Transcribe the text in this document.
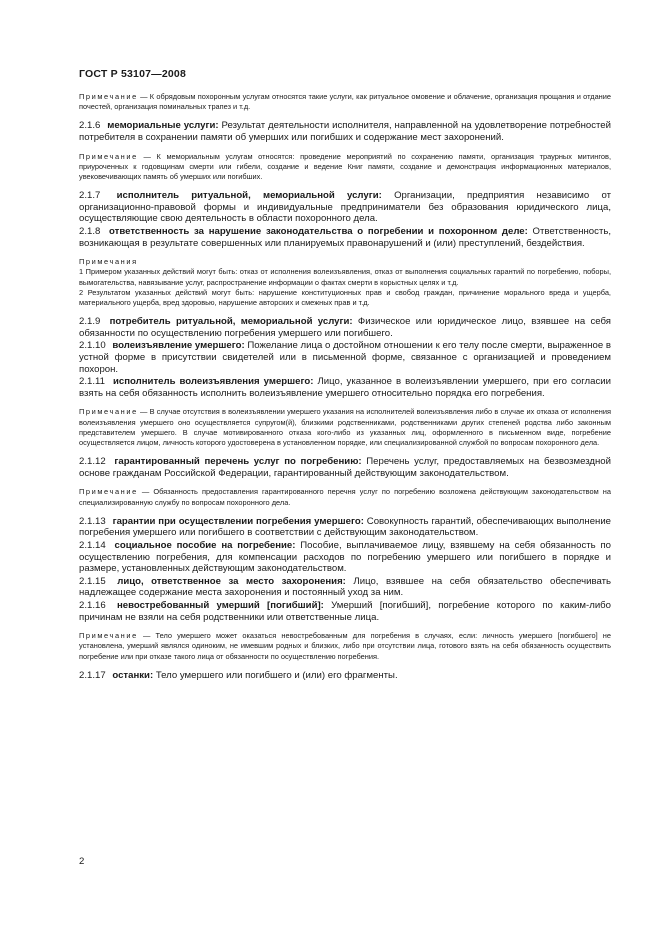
ГОСТ Р 53107—2008

Примечание — К обрядовым похоронным услугам относятся такие услуги, как ритуальное омовение и облачение, организация прощания и отдание почестей, организация поминальных трапез и т.д.

2.1.6 мемориальные услуги: Результат деятельности исполнителя, направленной на удовлетворение потребностей потребителя в сохранении памяти об умерших или погибших и содержание мест захоронений.

Примечание — К мемориальным услугам относятся: проведение мероприятий по сохранению памяти, организация траурных митингов, приуроченных к годовщинам смерти или гибели, создание и ведение Книг памяти, создание и демонстрация информационных материалов, увековечивающих память об умерших или погибших.

2.1.7 исполнитель ритуальной, мемориальной услуги: Организации, предприятия независимо от организационно-правовой формы и индивидуальные предприниматели без образования юридического лица, осуществляющие свою деятельность в области похоронного дела.

2.1.8 ответственность за нарушение законодательства о погребении и похоронном деле: Ответственность, возникающая в результате совершенных или планируемых правонарушений и (или) преступлений, бездействия.

Примечания

1 Примером указанных действий могут быть: отказ от исполнения волеизъявления, отказ от выполнения социальных гарантий по погребению, поборы, вымогательства, навязывание услуг, распространение информации о фактах смерти в корыстных целях и т.д.

2 Результатом указанных действий могут быть: нарушение конституционных прав и свобод граждан, причинение морального вреда и ущерба, материального ущерба, вред здоровью, нарушение авторских и смежных прав и т.д.

2.1.9 потребитель ритуальной, мемориальной услуги: Физическое или юридическое лицо, взявшее на себя обязанности по осуществлению погребения умершего или погибшего.

2.1.10 волеизъявление умершего: Пожелание лица о достойном отношении к его телу после смерти, выраженное в устной форме в присутствии свидетелей или в письменной форме, связанное с организацией и проведением похорон.

2.1.11 исполнитель волеизъявления умершего: Лицо, указанное в волеизъявлении умершего, при его согласии взять на себя обязанность исполнить волеизъявление умершего относительно порядка его погребения.

Примечание — В случае отсутствия в волеизъявлении умершего указания на исполнителей волеизъявления либо в случае их отказа от исполнения волеизъявления умершего оно осуществляется супругом(й), близкими родственниками, родственниками других степеней родства либо законным представителем умершего. В случае мотивированного отказа кого-либо из указанных лиц, оформленного в письменном виде, погребение осуществляется лицом, личность которого удостоверена в установленном порядке, или специализированной службой по вопросам похоронного дела.

2.1.12 гарантированный перечень услуг по погребению: Перечень услуг, предоставляемых на безвозмездной основе гражданам Российской Федерации, гарантированный действующим законодательством.

Примечание — Обязанность предоставления гарантированного перечня услуг по погребению возложена действующим законодательством на специализированную службу по вопросам похоронного дела.

2.1.13 гарантии при осуществлении погребения умершего: Совокупность гарантий, обеспечивающих выполнение погребения умершего или погибшего в соответствии с действующим законодательством.

2.1.14 социальное пособие на погребение: Пособие, выплачиваемое лицу, взявшему на себя обязанность по осуществлению погребения, для компенсации расходов по погребению умершего или погибшего в порядке и размере, установленных действующим законодательством.

2.1.15 лицо, ответственное за место захоронения: Лицо, взявшее на себя обязательство обеспечивать надлежащее содержание места захоронения и постоянный уход за ним.

2.1.16 невостребованный умерший [погибший]: Умерший [погибший], погребение которого по каким-либо причинам не взяли на себя родственники или ответственные лица.

Примечание — Тело умершего может оказаться невостребованным для погребения в случаях, если: личность умершего [погибшего] не установлена, умерший являлся одиноким, не имевшим родных и близких, либо при отсутствии лица, готового взять на себя обязанность осуществить погребение или при отказе такого лица от обязанности по осуществлению погребения.

2.1.17 останки: Тело умершего или погибшего и (или) его фрагменты.

2
